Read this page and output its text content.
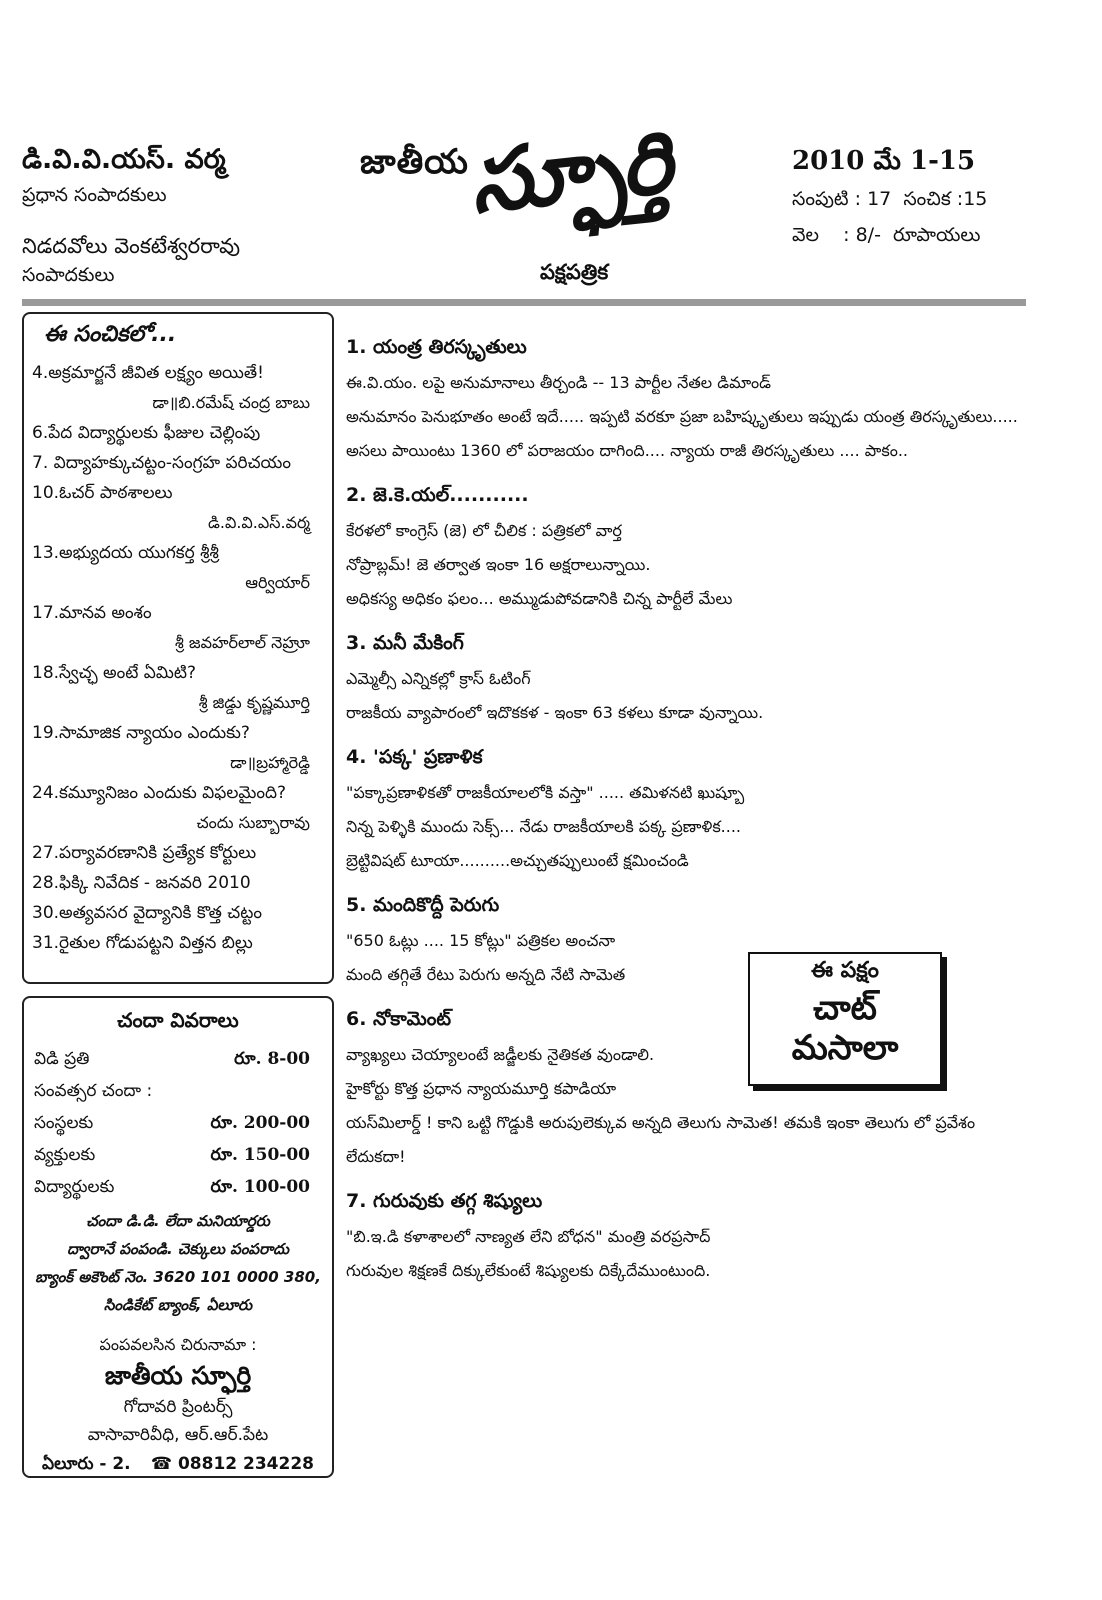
డి.వి.వి.యస్. వర్మ
ప్రధాన సంపాదకులు
నిడదవోలు వెంకటేశ్వరరావు
సంపాదకులు
జాతీయ
స్ఫూర్తి
పక్షపత్రిక
2010 మే 1-15
సంపుటి : 17 సంచిక :15
వెల    : 8/-  రూపాయలు
ఈ సంచికలో...
4.అక్రమార్జనే జీవిత లక్ష్యం అయితే!
డా॥బి.రమేష్ చంద్ర బాబు
6.పేద విద్యార్థులకు ఫీజుల చెల్లింపు
7. విద్యాహక్కుచట్టం-సంగ్రహ పరిచయం
10.ఓచర్ పాఠశాలలు
డి.వి.వి.ఎస్.వర్మ
13.అభ్యుదయ యుగకర్త శ్రీశ్రీ
ఆర్వియార్
17.మానవ అంశం
శ్రీ జవహర్‌లాల్ నెహ్రూ
18.స్వేచ్ఛ అంటే ఏమిటి?
శ్రీ జిడ్డు కృష్ణమూర్తి
19.సామాజిక న్యాయం ఎందుకు?
డా॥బ్రహ్మారెడ్డి
24.కమ్యూనిజం ఎందుకు విఫలమైంది?
చందు సుబ్బారావు
27.పర్యావరణానికి ప్రత్యేక కోర్టులు
28.ఫిక్కి నివేదిక - జనవరి 2010
30.అత్యవసర వైద్యానికి కొత్త చట్టం
31.రైతుల గోడుపట్టని విత్తన బిల్లు
చందా వివరాలు
విడి ప్రతి	రూ. 8-00
సంవత్సర చందా :
సంస్థలకు	రూ. 200-00
వ్యక్తులకు	రూ. 150-00
విద్యార్థులకు	రూ. 100-00
చందా డి.డి. లేదా మనియార్డరు
ద్వారానే పంపండి. చెక్కులు పంపరాదు
బ్యాంక్ అకౌంట్ నెం. 3620 101 0000 380,
సిండికేట్ బ్యాంక్, ఏలూరు
పంపవలసిన చిరునామా :
జాతీయ స్ఫూర్తి
గోదావరి ప్రింటర్స్
వాసావారివీధి, ఆర్.ఆర్.పేట
ఏలూరు - 2. ☎ 08812 234228
1. యంత్ర తిరస్కృతులు
ఈ.వి.యం. లపై అనుమానాలు తీర్చండి -- 13 పార్టీల నేతల డిమాండ్
అనుమానం పెనుభూతం అంటే ఇదే..... ఇప్పటి వరకూ ప్రజా బహిష్కృతులు ఇప్పుడు యంత్ర తిరస్కృతులు..... అసలు పాయింటు 1360 లో పరాజయం దాగింది.... న్యాయ రాజీ తిరస్కృతులు .... పాకం..
2. జె.కె.యల్...........
కేరళలో కాంగ్రెస్ (జె) లో చీలిక : పత్రికలో వార్త
నోప్రాబ్లమ్! జె తర్వాత ఇంకా 16 అక్షరాలున్నాయి.
అధికస్య అధికం ఫలం... అమ్ముడుపోవడానికి చిన్న పార్టీలే మేలు
3. మనీ మేకింగ్
ఎమ్మెల్సీ ఎన్నికల్లో క్రాస్ ఓటింగ్
రాజకీయ వ్యాపారంలో ఇదొకకళ - ఇంకా 63 కళలు కూడా వున్నాయి.
4. 'పక్క' ప్రణాళిక
"పక్కాప్రణాళికతో రాజకీయాలలోకి వస్తా" ..... తమిళనటి ఖుష్బూ
నిన్న పెళ్ళికి ముందు సెక్స్... నేడు రాజకీయాలకి పక్క ప్రణాళిక....
బ్రెట్టివిషట్ టూయా..........అచ్చుతప్పులుంటే క్షమించండి
5. మందికొద్దీ పెరుగు
"650 ఓట్లు .... 15 కోట్లు" పత్రికల అంచనా
మంది తగ్గితే రేటు పెరుగు అన్నది నేటి సామెత
6. నోకామెంట్
వ్యాఖ్యలు చెయ్యాలంటే జడ్జీలకు నైతికత వుండాలి.
హైకోర్టు కొత్త ప్రధాన న్యాయమూర్తి కపాడియా
యస్‌మిలార్డ్ ! కాని ఒట్టి గొడ్డుకి అరుపులెక్కువ అన్నది తెలుగు సామెత! తమకి ఇంకా తెలుగు లో ప్రవేశం లేదుకదా!
7. గురువుకు తగ్గ శిష్యులు
"బి.ఇ.డి కళాశాలలో నాణ్యత లేని బోధన" మంత్రి వరప్రసాద్
గురువుల శిక్షణకే దిక్కులేకుంటే శిష్యులకు దిక్కేదేముంటుంది.
ఈ పక్షం
చాట్
మసాలా
